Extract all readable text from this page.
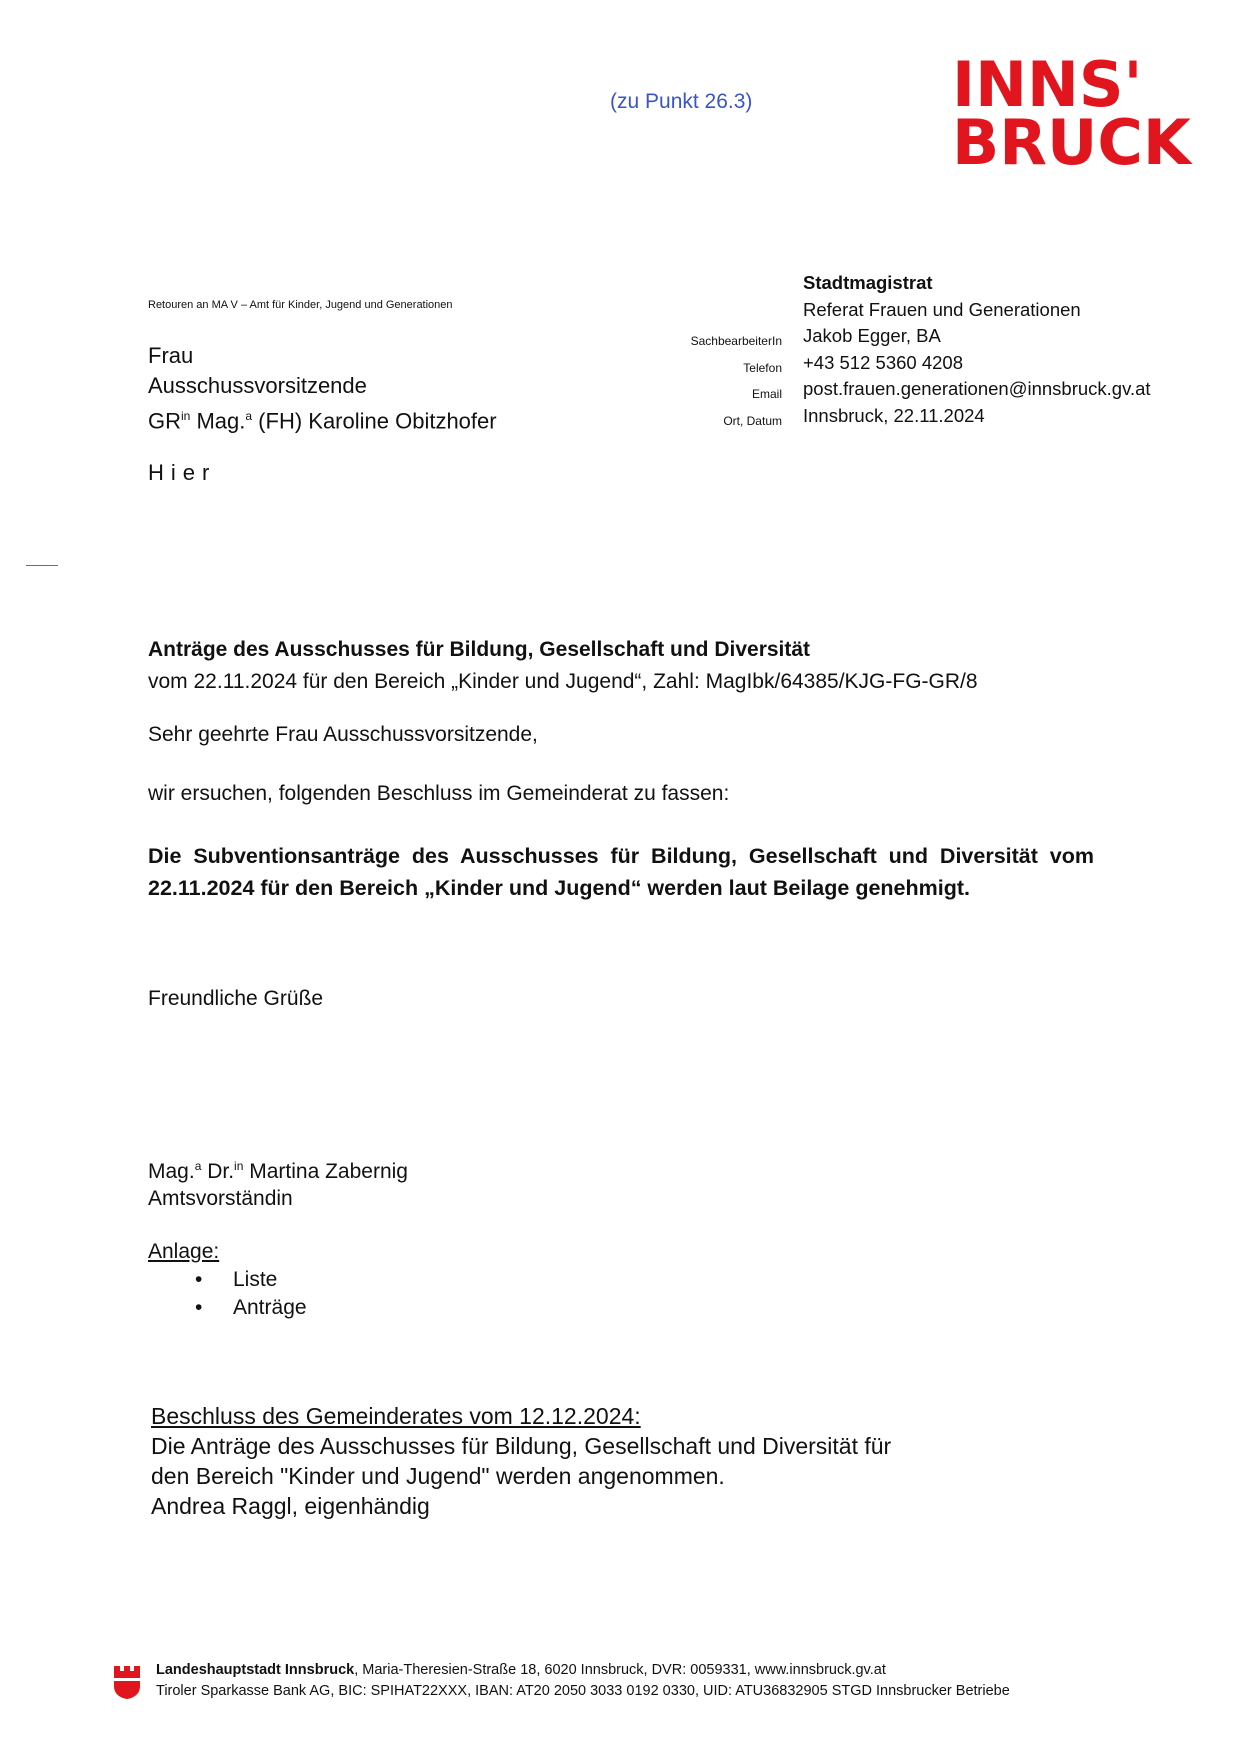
(zu Punkt 26.3)	INNS'
BRUCK
Retouren an MA V – Amt für Kinder, Jugend und Generationen
Frau
Ausschussvorsitzende
$GR^{in}$ Mag.$^a$ (FH) Karoline Obitzhofer
Hier
SachbearbeiterIn
Telefon
Email
Ort, Datum
Stadtmagistrat
Referat Frauen und Generationen
Jakob Egger, BA
+43 512 5360 4208
post.frauen.generationen@innsbruck.gv.at
Innsbruck, 22.11.2024
Anträge des Ausschusses für Bildung, Gesellschaft und Diversität
vom 22.11.2024 für den Bereich „Kinder und Jugend“, Zahl: MagIbk/64385/KJG-FG-GR/8
Sehr geehrte Frau Ausschussvorsitzende,
wir ersuchen, folgenden Beschluss im Gemeinderat zu fassen:
Die Subventionsanträge des Ausschusses für Bildung, Gesellschaft und Diversität vom 22.11.2024 für den Bereich „Kinder und Jugend“ werden laut Beilage genehmigt.
Freundliche Grüße
Mag.$^a$ Dr.$^{in}$ Martina Zabernig
Amtsvorständin
Anlage:
• Liste
• Anträge
Beschluss des Gemeinderates vom 12.12.2024:
Die Anträge des Ausschusses für Bildung, Gesellschaft und Diversität für
den Bereich "Kinder und Jugend" werden angenommen.
Andrea Raggl, eigenhändig
Landeshauptstadt Innsbruck, Maria-Theresien-Straße 18, 6020 Innsbruck, DVR: 0059331, www.innsbruck.gv.at
Tiroler Sparkasse Bank AG, BIC: SPIHAT22XXX, IBAN: AT20 2050 3033 0192 0330, UID: ATU36832905 STGD Innsbrucker Betriebe
